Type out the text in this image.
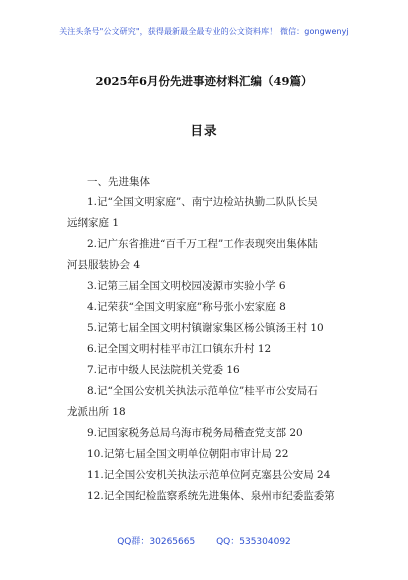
关注头条号"公文研究"，获得最新最全最专业的公文资料库！ 微信：gongwenyj
2025年6月份先进事迹材料汇编（49篇）
目录
一、先进集体
1.记“全国文明家庭”、南宁边检站执勤二队队长吴
远纲家庭 1
2.记广东省推进“百千万工程”工作表现突出集体陆
河县服装协会 4
3.记第三届全国文明校园凌源市实验小学 6
4.记荣获“全国文明家庭”称号张小宏家庭 8
5.记第七届全国文明村镇谢家集区杨公镇汤王村 10
6.记全国文明村桂平市江口镇东升村 12
7.记市中级人民法院机关党委 16
8.记“全国公安机关执法示范单位”桂平市公安局石
龙派出所 18
9.记国家税务总局乌海市税务局稽查党支部 20
10.记第七届全国文明单位朝阳市审计局 22
11.记全国公安机关执法示范单位阿克塞县公安局 24
12.记全国纪检监察系统先进集体、泉州市纪委监委第
QQ群：30265665 QQ：535304092
